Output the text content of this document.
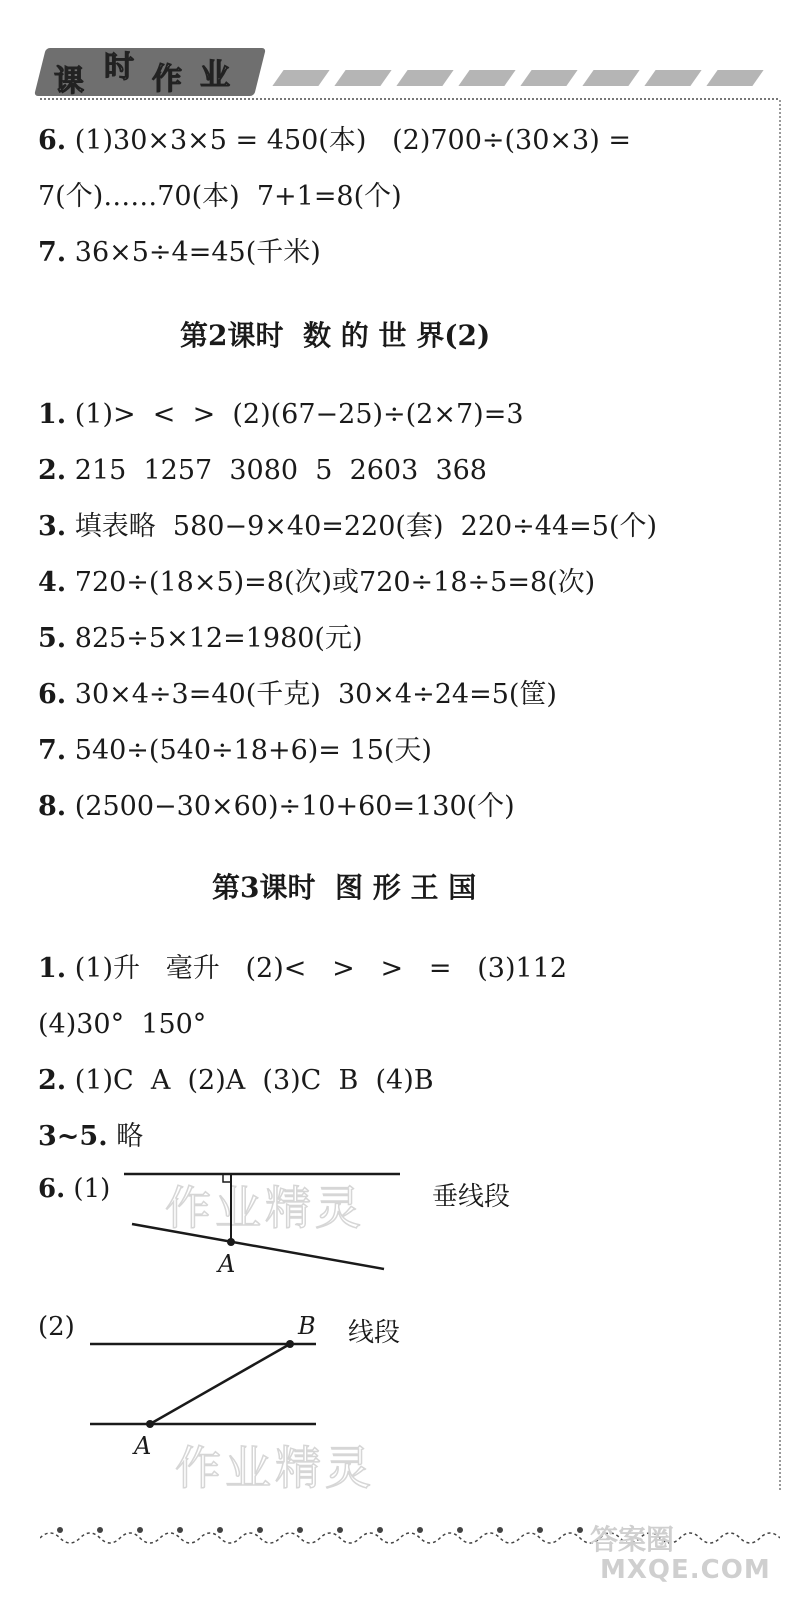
课 时 作 业
6. (1)30×3×5 = 450(本)   (2)700÷(30×3) =
7(个)……70(本)  7+1=8(个)
7. 36×5÷4=45(千米)
第2课时  数 的 世 界(2)
1. (1)>  <  >  (2)(67−25)÷(2×7)=3
2. 215  1257  3080  5  2603  368
3. 填表略  580−9×40=220(套)  220÷44=5(个)
4. 720÷(18×5)=8(次)或720÷18÷5=8(次)
5. 825÷5×12=1980(元)
6. 30×4÷3=40(千克)  30×4÷24=5(筐)
7. 540÷(540÷18+6)= 15(天)
8. (2500−30×60)÷10+60=130(个)
第3课时  图 形 王 国
1. (1)升   毫升   (2)<   >   >   =   (3)112
(4)30°  150°
2. (1)C  A  (2)A  (3)C  B  (4)B
3~5. 略
6. (1)	垂线段
作业精灵
A
(2)	线段
B
作业精灵
A
答案圈
MXQE.COM
